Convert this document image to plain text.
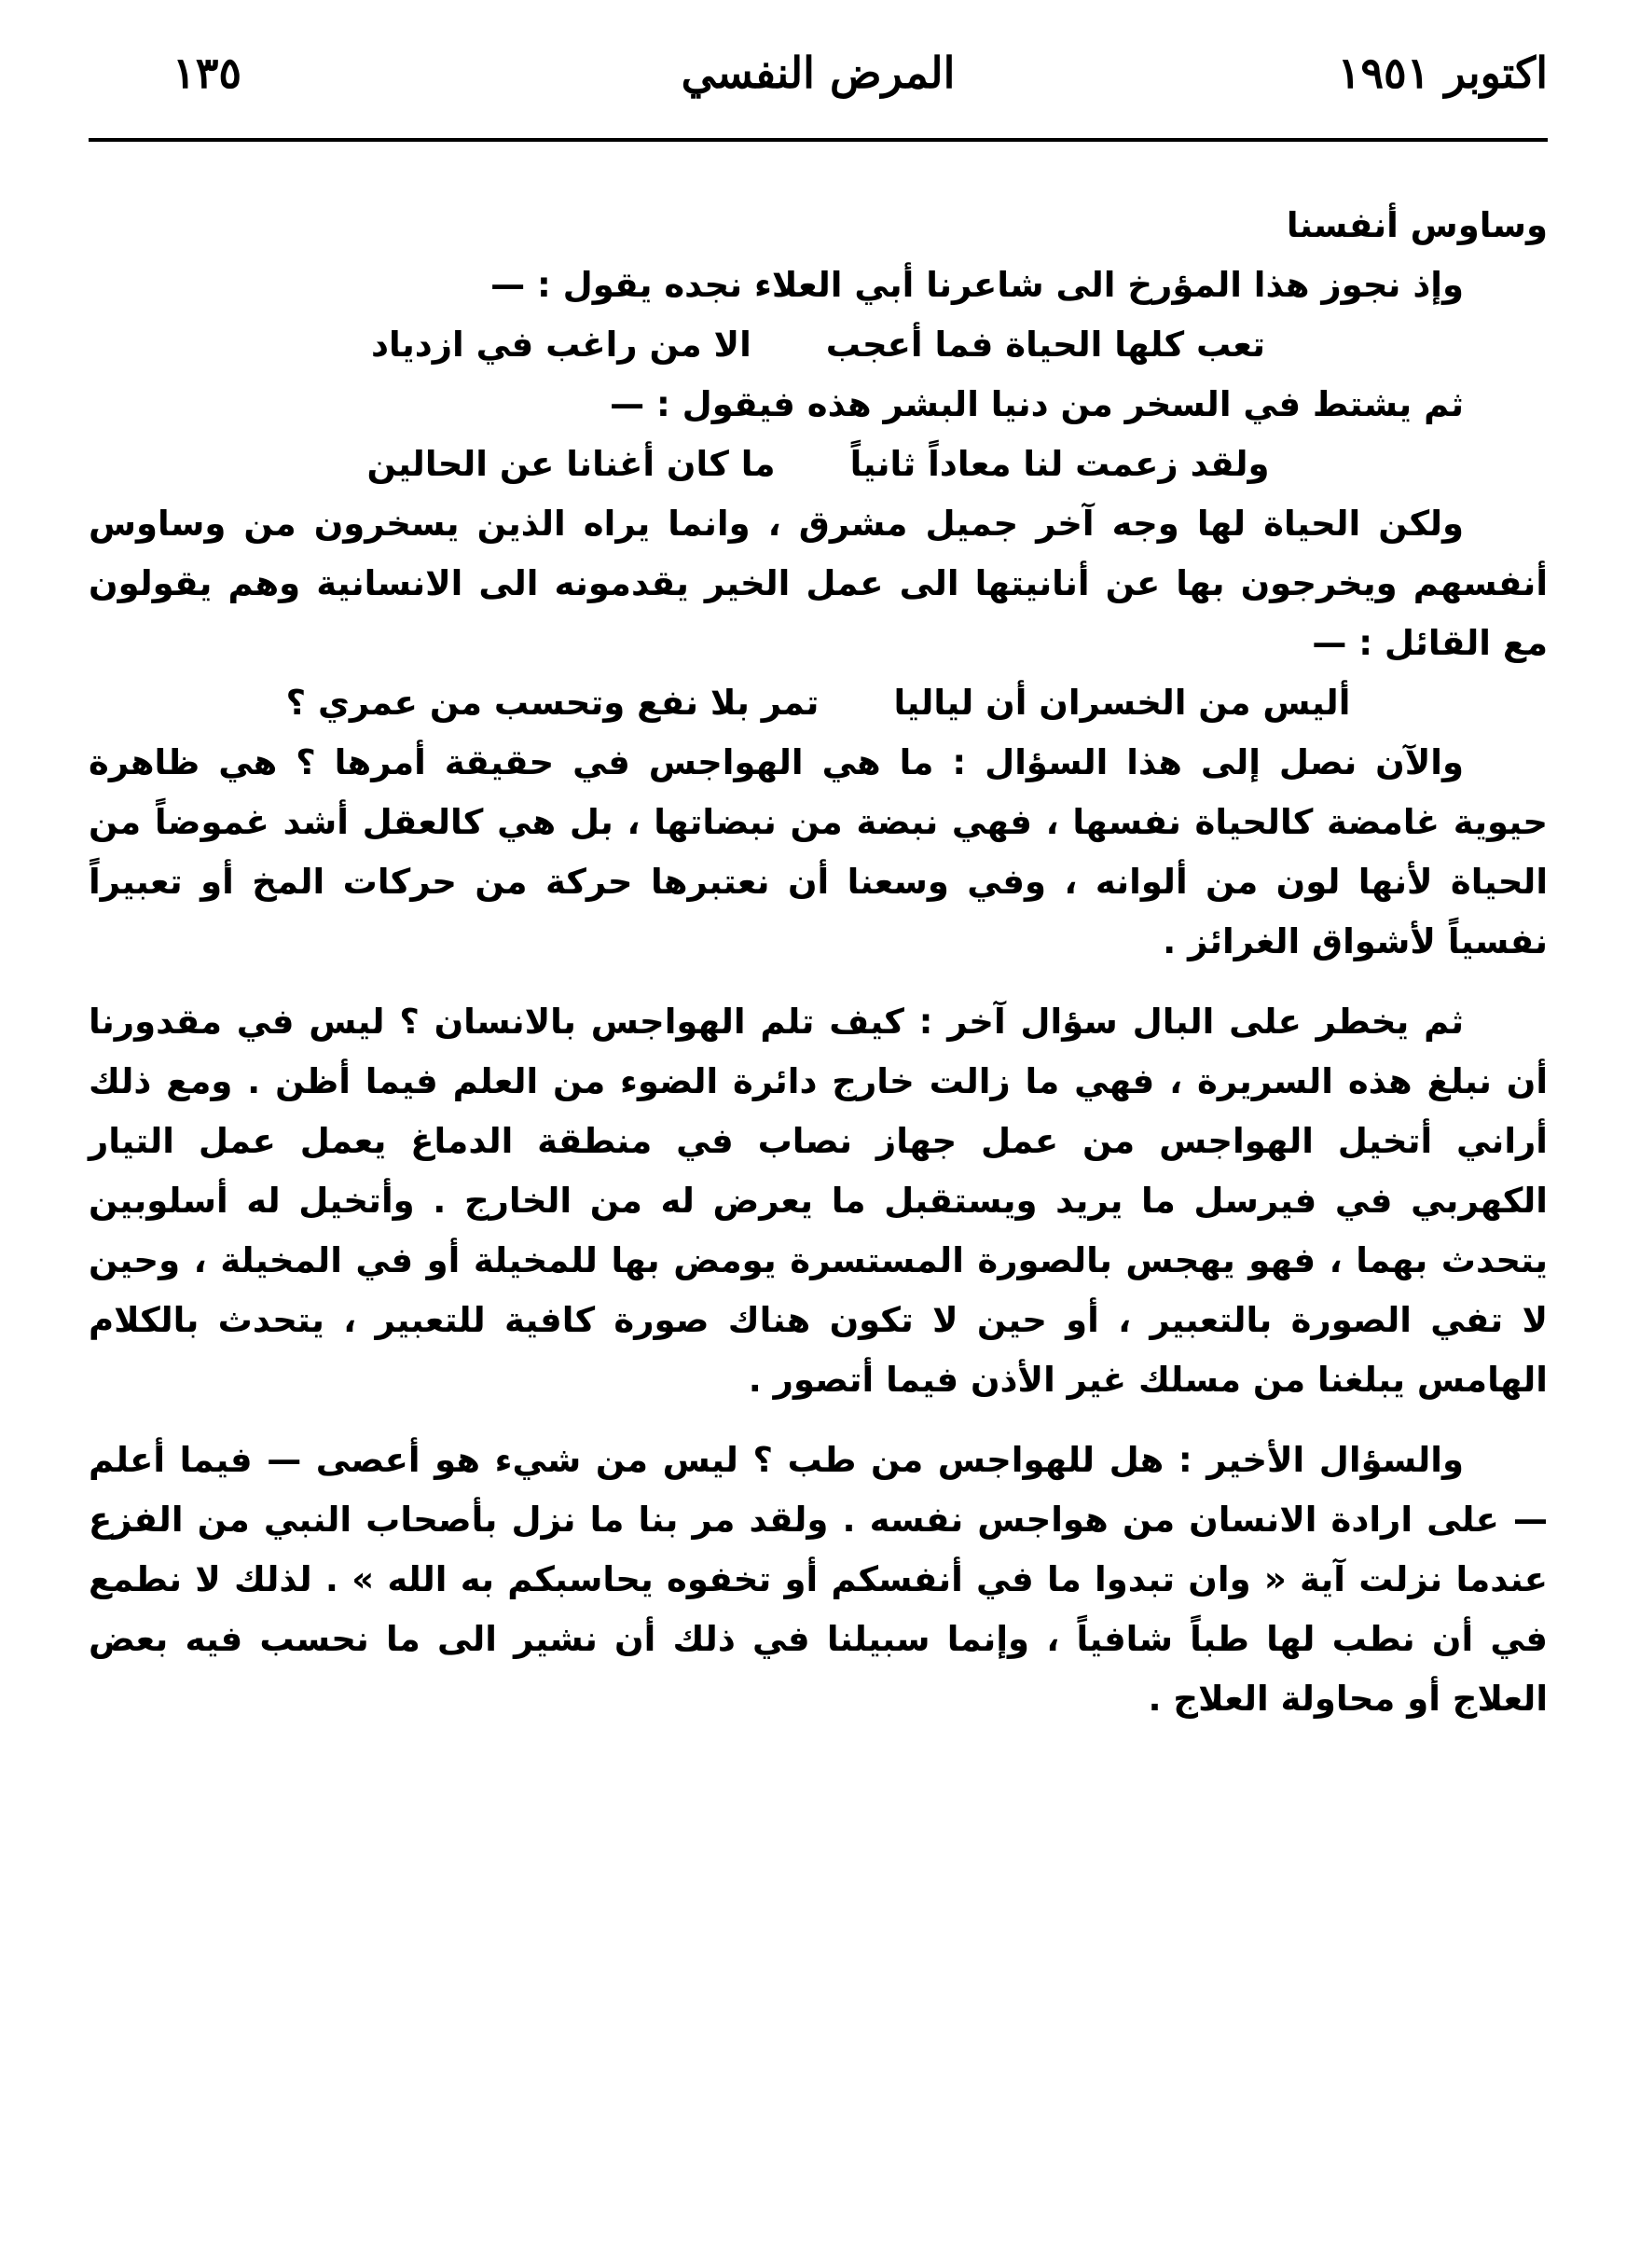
اكتوبر ١٩٥١
المرض النفسي
١٣٥

وساوس أنفسنا

وإذ نجوز هذا المؤرخ الى شاعرنا أبي العلاء نجده يقول : —

تعب كلها الحياة فما أعجب
الا من راغب في ازدياد

ثم يشتط في السخر من دنيا البشر هذه فيقول : —

ولقد زعمت لنا معاداً ثانياً
ما كان أغنانا عن الحالين

ولكن الحياة لها وجه آخر جميل مشرق ، وانما يراه الذين يسخرون من وساوس أنفسهم ويخرجون بها عن أنانيتها الى عمل الخير يقدمونه الى الانسانية وهم يقولون مع القائل : —

أليس من الخسران أن لياليا
تمر بلا نفع وتحسب من عمري ؟

والآن نصل إلى هذا السؤال : ما هي الهواجس في حقيقة أمرها ؟ هي ظاهرة حيوية غامضة كالحياة نفسها ، فهي نبضة من نبضاتها ، بل هي كالعقل أشد غموضاً من الحياة لأنها لون من ألوانه ، وفي وسعنا أن نعتبرها حركة من حركات المخ أو تعبيراً نفسياً لأشواق الغرائز .

ثم يخطر على البال سؤال آخر : كيف تلم الهواجس بالانسان ؟ ليس في مقدورنا أن نبلغ هذه السريرة ، فهي ما زالت خارج دائرة الضوء من العلم فيما أظن . ومع ذلك أراني أتخيل الهواجس من عمل جهاز نصاب في منطقة الدماغ يعمل عمل التيار الكهربي في فيرسل ما يريد ويستقبل ما يعرض له من الخارج . وأتخيل له أسلوبين يتحدث بهما ، فهو يهجس بالصورة المستسرة يومض بها للمخيلة أو في المخيلة ، وحين لا تفي الصورة بالتعبير ، أو حين لا تكون هناك صورة كافية للتعبير ، يتحدث بالكلام الهامس يبلغنا من مسلك غير الأذن فيما أتصور .

والسؤال الأخير : هل للهواجس من طب ؟ ليس من شيء هو أعصى — فيما أعلم — على ارادة الانسان من هواجس نفسه . ولقد مر بنا ما نزل بأصحاب النبي من الفزع عندما نزلت آية « وان تبدوا ما في أنفسكم أو تخفوه يحاسبكم به الله » . لذلك لا نطمع في أن نطب لها طباً شافياً ، وإنما سبيلنا في ذلك أن نشير الى ما نحسب فيه بعض العلاج أو محاولة العلاج .
